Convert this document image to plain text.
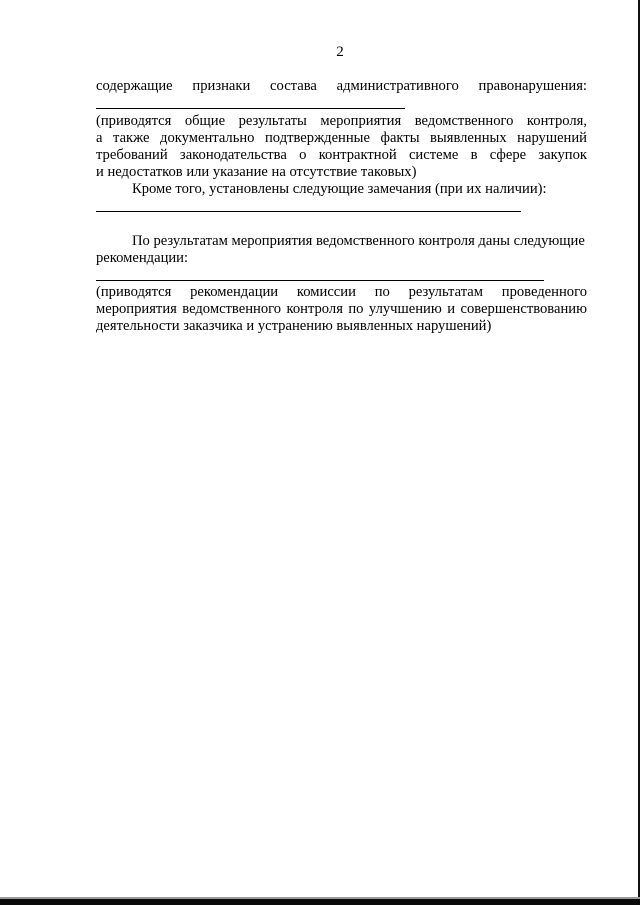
2
содержащие признаки состава административного правонарушения:
(приводятся общие результаты мероприятия ведомственного контроля,
а также документально подтвержденные факты выявленных нарушений
требований законодательства о контрактной системе в сфере закупок
и недостатков или указание на отсутствие таковых)
Кроме того, установлены следующие замечания (при их наличии):
По результатам мероприятия ведомственного контроля даны следующие
рекомендации:
(приводятся рекомендации комиссии по результатам проведенного
мероприятия ведомственного контроля по улучшению и совершенствованию
деятельности заказчика и устранению выявленных нарушений)
